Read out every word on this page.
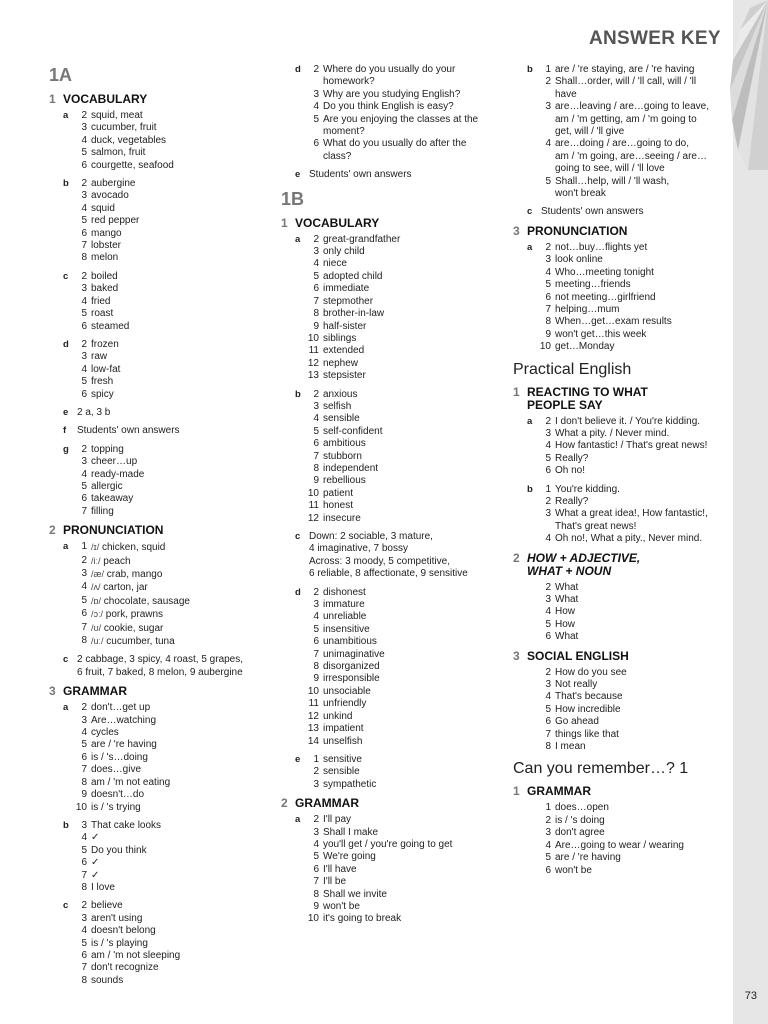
ANSWER KEY
1A
1 VOCABULARY
a	2 squid, meat
3 cucumber, fruit
4 duck, vegetables
5 salmon, fruit
6 courgette, seafood
b	2 aubergine
3 avocado
4 squid
5 red pepper
6 mango
7 lobster
8 melon
c	2 boiled
3 baked
4 fried
5 roast
6 steamed
d	2 frozen
3 raw
4 low-fat
5 fresh
6 spicy
e 2 a, 3 b
f	Students' own answers
g	2 topping
3 cheer…up
4 ready-made
5 allergic
6 takeaway
7 filling
2 PRONUNCIATION
a	1 /ɪ/ chicken, squid
2 /iː/ peach
3 /æ/ crab, mango
4 /ʌ/ carton, jar
5 /ɒ/ chocolate, sausage
6 /ɔː/ pork, prawns
7 /ʊ/ cookie, sugar
8 /uː/ cucumber, tuna
c 2 cabbage, 3 spicy, 4 roast, 5 grapes,
6 fruit, 7 baked, 8 melon, 9 aubergine
3 GRAMMAR
a	2 don't…get up
3 Are…watching
4 cycles
5 are / 're having
6 is / 's…doing
7 does…give
8 am / 'm not eating
9 doesn't…do
10 is / 's trying
b	3 That cake looks
4 ✓
5 Do you think
6 ✓
7 ✓
8 I love
c	2 believe
3 aren't using
4 doesn't belong
5 is / 's playing
6 am / 'm not sleeping
7 don't recognize
8 sounds
d	2 Where do you usually do your
homework?
3 Why are you studying English?
4 Do you think English is easy?
5 Are you enjoying the classes at the
moment?
6 What do you usually do after the
class?
e Students' own answers
1B
1 VOCABULARY
a	2 great-grandfather
3 only child
4 niece
5 adopted child
6 immediate
7 stepmother
8 brother-in-law
9 half-sister
10 siblings
11 extended
12 nephew
13 stepsister
b	2 anxious
3 selfish
4 sensible
5 self-confident
6 ambitious
7 stubborn
8 independent
9 rebellious
10 patient
11 honest
12 insecure
c Down: 2 sociable, 3 mature,
4 imaginative, 7 bossy
Across: 3 moody, 5 competitive,
6 reliable, 8 affectionate, 9 sensitive
d	2 dishonest
3 immature
4 unreliable
5 insensitive
6 unambitious
7 unimaginative
8 disorganized
9 irresponsible
10 unsociable
11 unfriendly
12 unkind
13 impatient
14 unselfish
e	1 sensitive
2 sensible
3 sympathetic
2 GRAMMAR
a	2 I'll pay
3 Shall I make
4 you'll get / you're going to get
5 We're going
6 I'll have
7 I'll be
8 Shall we invite
9 won't be
10 it's going to break
b	1 are / 're staying, are / 're having
2 Shall…order, will / 'll call, will / 'll
have
3 are…leaving / are…going to leave,
am / 'm getting, am / 'm going to
get, will / 'll give
4 are…doing / are…going to do,
am / 'm going, are…seeing / are…
going to see, will / 'll love
5 Shall…help, will / 'll wash,
won't break
c Students' own answers
3 PRONUNCIATION
a	2 not…buy…flights yet
3 look online
4 Who…meeting tonight
5 meeting…friends
6 not meeting…girlfriend
7 helping…mum
8 When…get…exam results
9 won't get…this week
10 get…Monday
Practical English
1 REACTING TO WHAT
PEOPLE SAY
a	2 I don't believe it. / You're kidding.
3 What a pity. / Never mind.
4 How fantastic! / That's great news!
5 Really?
6 Oh no!
b	1 You're kidding.
2 Really?
3 What a great idea!, How fantastic!,
That's great news!
4 Oh no!, What a pity., Never mind.
2 HOW + ADJECTIVE,
WHAT + NOUN
2 What
3 What
4 How
5 How
6 What
3 SOCIAL ENGLISH
2 How do you see
3 Not really
4 That's because
5 How incredible
6 Go ahead
7 things like that
8 I mean
Can you remember…? 1
1 GRAMMAR
1 does…open
2 is / 's doing
3 don't agree
4 Are…going to wear / wearing
5 are / 're having
6 won't be
73
